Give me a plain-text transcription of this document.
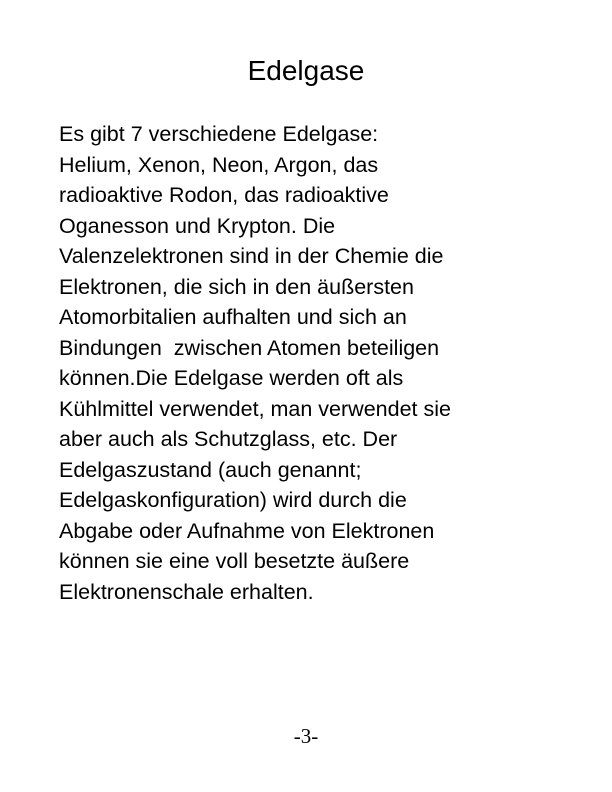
Edelgase

Es gibt 7 verschiedene Edelgase:
Helium, Xenon, Neon, Argon, das
radioaktive Rodon, das radioaktive
Oganesson und Krypton. Die
Valenzelektronen sind in der Chemie die
Elektronen, die sich in den äußersten
Atomorbitalien aufhalten und sich an
Bindungen  zwischen Atomen beteiligen
können.Die Edelgase werden oft als
Kühlmittel verwendet, man verwendet sie
aber auch als Schutzglass, etc. Der
Edelgaszustand (auch genannt;
Edelgaskonfiguration) wird durch die
Abgabe oder Aufnahme von Elektronen
können sie eine voll besetzte äußere
Elektronenschale erhalten.

-3-
